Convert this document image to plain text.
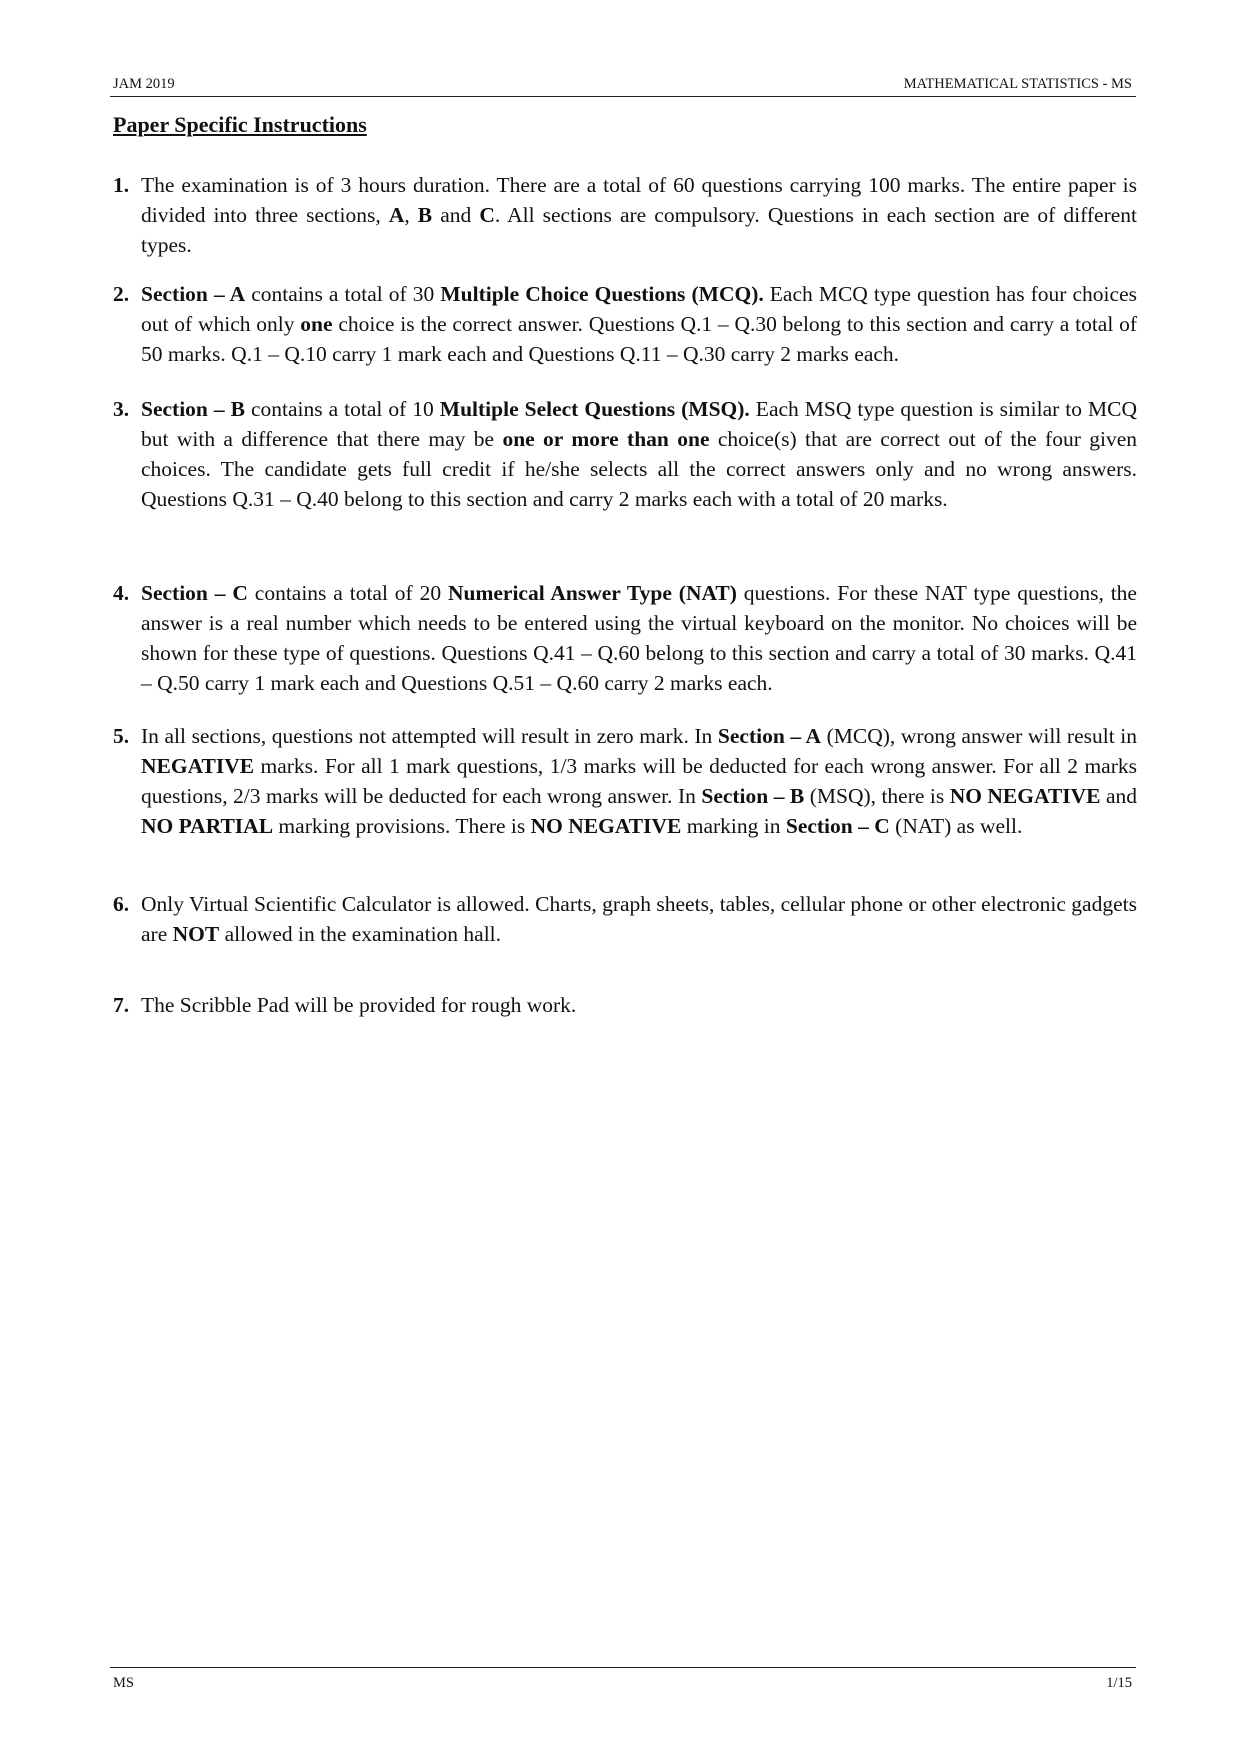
JAM 2019	MATHEMATICAL STATISTICS - MS
Paper Specific Instructions
1. The examination is of 3 hours duration. There are a total of 60 questions carrying 100 marks. The entire paper is divided into three sections, A, B and C. All sections are compulsory. Questions in each section are of different types.
2. Section – A contains a total of 30 Multiple Choice Questions (MCQ). Each MCQ type question has four choices out of which only one choice is the correct answer. Questions Q.1 – Q.30 belong to this section and carry a total of 50 marks. Q.1 – Q.10 carry 1 mark each and Questions Q.11 – Q.30 carry 2 marks each.
3. Section – B contains a total of 10 Multiple Select Questions (MSQ). Each MSQ type question is similar to MCQ but with a difference that there may be one or more than one choice(s) that are correct out of the four given choices. The candidate gets full credit if he/she selects all the correct answers only and no wrong answers. Questions Q.31 – Q.40 belong to this section and carry 2 marks each with a total of 20 marks.
4. Section – C contains a total of 20 Numerical Answer Type (NAT) questions. For these NAT type questions, the answer is a real number which needs to be entered using the virtual keyboard on the monitor. No choices will be shown for these type of questions. Questions Q.41 – Q.60 belong to this section and carry a total of 30 marks. Q.41 – Q.50 carry 1 mark each and Questions Q.51 – Q.60 carry 2 marks each.
5. In all sections, questions not attempted will result in zero mark. In Section – A (MCQ), wrong answer will result in NEGATIVE marks. For all 1 mark questions, 1/3 marks will be deducted for each wrong answer. For all 2 marks questions, 2/3 marks will be deducted for each wrong answer. In Section – B (MSQ), there is NO NEGATIVE and NO PARTIAL marking provisions. There is NO NEGATIVE marking in Section – C (NAT) as well.
6. Only Virtual Scientific Calculator is allowed. Charts, graph sheets, tables, cellular phone or other electronic gadgets are NOT allowed in the examination hall.
7. The Scribble Pad will be provided for rough work.
MS	1/15
